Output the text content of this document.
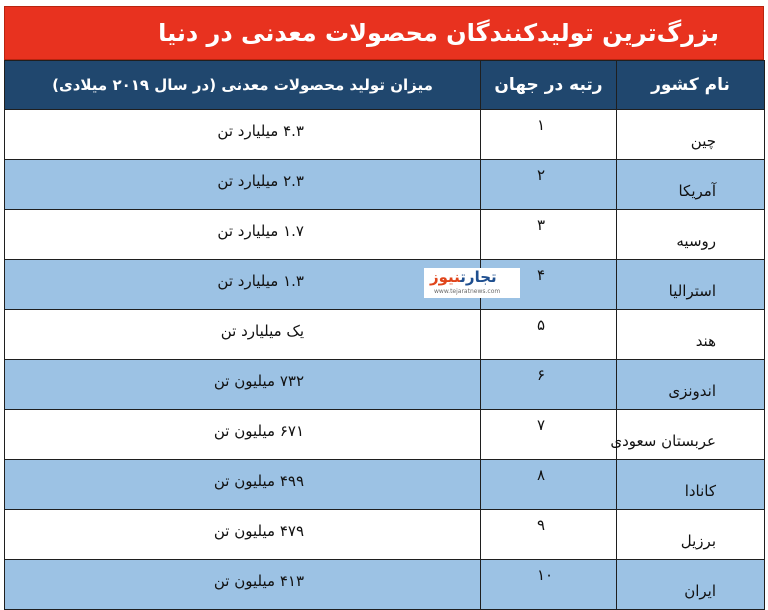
بزرگ‌ترین تولیدکنندگان محصولات معدنی در دنیا
میزان تولید محصولات معدنی (در سال ۲۰۱۹ میلادی)	رتبه در جهان	نام کشور

۴.۳ میلیارد تن	۱	چین

۲.۳ میلیارد تن	۲	آمریکا

۱.۷ میلیارد تن	۳	روسیه

۱.۳ میلیارد تن	۴	استرالیا

یک میلیارد تن	۵	هند

۷۳۲ میلیون تن	۶	اندونزی

۶۷۱ میلیون تن	۷	عربستان سعودی

۴۹۹ میلیون تن	۸	کانادا

۴۷۹ میلیون تن	۹	برزیل

۴۱۳ میلیون تن	۱۰	ایران
تجارتنیوز
www.tejaratnews.com
